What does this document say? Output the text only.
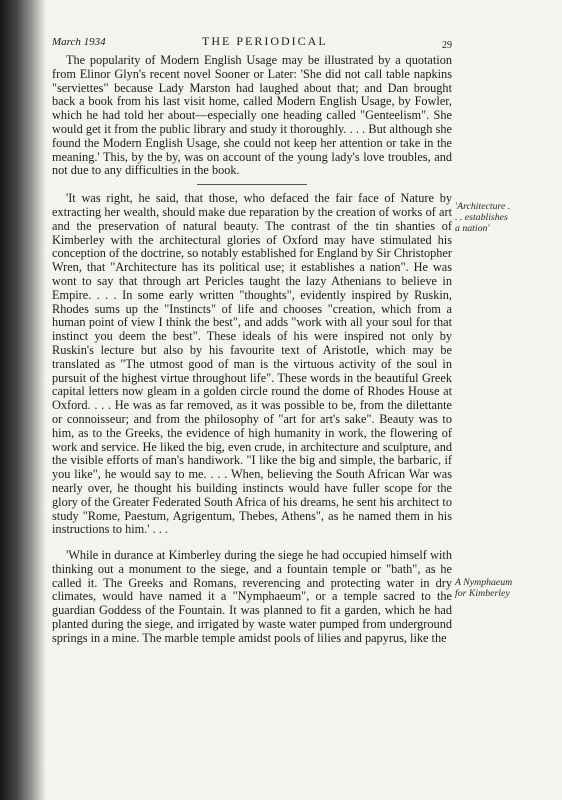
March 1934	THE PERIODICAL	29

The popularity of Modern English Usage may be illustrated by a quotation from Elinor Glyn's recent novel Sooner or Later: 'She did not call table napkins "serviettes" because Lady Marston had laughed about that; and Dan brought back a book from his last visit home, called Modern English Usage, by Fowler, which he had told her about—especially one heading called "Genteelism". She would get it from the public library and study it thoroughly. . . . But although she found the Modern English Usage, she could not keep her attention or take in the meaning.' This, by the by, was on account of the young lady's love troubles, and not due to any difficulties in the book.

'It was right, he said, that those, who defaced the fair face of Nature by extracting her wealth, should make due reparation by the creation of works of art and the preservation of natural beauty. The contrast of the tin shanties of Kimberley with the architectural glories of Oxford may have stimulated his conception of the doctrine, so notably established for England by Sir Christopher Wren, that "Architecture has its political use; it establishes a nation". He was wont to say that through art Pericles taught the lazy Athenians to believe in Empire. . . . In some early written "thoughts", evidently inspired by Ruskin, Rhodes sums up the "Instincts" of life and chooses "creation, which from a human point of view I think the best", and adds "work with all your soul for that instinct you deem the best". These ideals of his were inspired not only by Ruskin's lecture but also by his favourite text of Aristotle, which may be translated as "The utmost good of man is the virtuous activity of the soul in pursuit of the highest virtue throughout life". These words in the beautiful Greek capital letters now gleam in a golden circle round the dome of Rhodes House at Oxford. . . . He was as far removed, as it was possible to be, from the dilettante or connoisseur; and from the philosophy of "art for art's sake". Beauty was to him, as to the Greeks, the evidence of high humanity in work, the flowering of work and service. He liked the big, even crude, in architecture and sculpture, and the visible efforts of man's handiwork. "I like the big and simple, the barbaric, if you like", he would say to me. . . . When, believing the South African War was nearly over, he thought his building instincts would have fuller scope for the glory of the Greater Federated South Africa of his dreams, he sent his architect to study "Rome, Paestum, Agrigentum, Thebes, Athens", as he named them in his instructions to him.' . . .

'While in durance at Kimberley during the siege he had occupied himself with thinking out a monument to the siege, and a fountain temple or "bath", as he called it. The Greeks and Romans, reverencing and protecting water in dry climates, would have named it a "Nymphaeum", or a temple sacred to the guardian Goddess of the Fountain. It was planned to fit a garden, which he had planted during the siege, and irrigated by waste water pumped from underground springs in a mine. The marble temple amidst pools of lilies and papyrus, like the

'Architecture . . . establishes a nation'
A Nymphaeum for Kimberley
